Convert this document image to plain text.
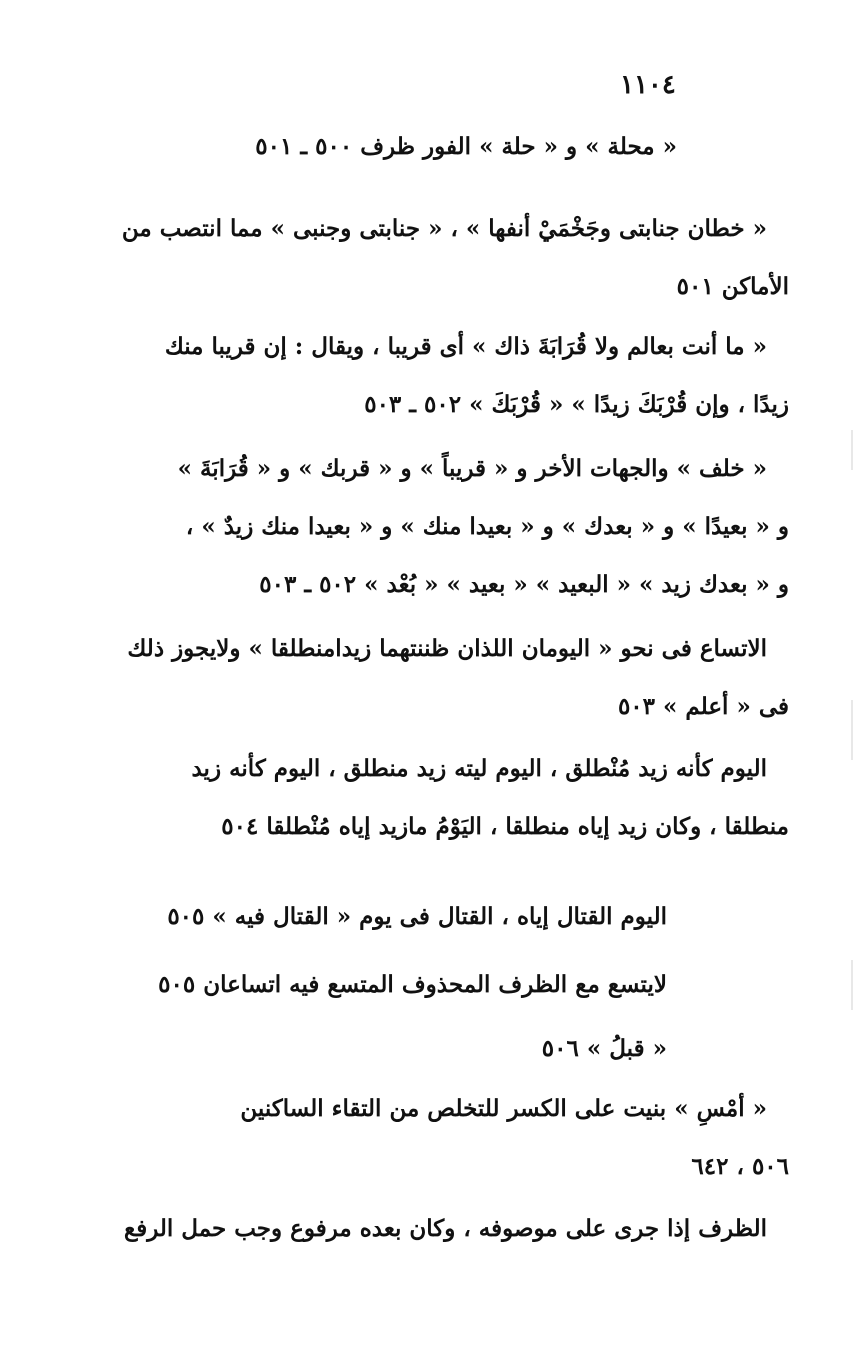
١١٠٤
« محلة » و « حلة » الفور ظرف ٥٠٠ ـ ٥٠١
« خطان جنابتى وجَخْمَيْ أنفها » ، « جنابتى وجنبى » مما انتصب من
الأماكن ٥٠١
« ما أنت بعالم ولا قُرَابَةَ ذاك » أى قريبا ، ويقال : إن قريبا منك
زيدًا ، وإن قُرْبَكَ زيدًا » « قُرْبَكَ » ٥٠٢ ـ ٥٠٣
« خلف » والجهات الأخر و « قريباً » و « قربك » و « قُرَابَةَ »
و « بعيدًا » و « بعدك » و « بعيدا منك » و « بعيدا منك زيدٌ » ،
و « بعدك زيد » « البعيد » « بعيد » « بُعْد » ٥٠٢ ـ ٥٠٣
الاتساع فى نحو « اليومان اللذان ظننتهما زيدامنطلقا » ولايجوز ذلك
فى « أعلم » ٥٠٣
اليوم كأنه زيد مُنْطلق ، اليوم ليته زيد منطلق ، اليوم كأنه زيد
منطلقا ، وكان زيد إياه منطلقا ، اليَوْمُ مازيد إياه مُنْطلقا ٥٠٤
اليوم القتال إياه ، القتال فى يوم « القتال فيه » ٥٠٥
لايتسع مع الظرف المحذوف المتسع فيه اتساعان ٥٠٥
« قبلُ » ٥٠٦
« أمْسِ » بنيت على الكسر للتخلص من التقاء الساكنين
٥٠٦ ، ٦٤٢
الظرف إذا جرى على موصوفه ، وكان بعده مرفوع وجب حمل الرفع
